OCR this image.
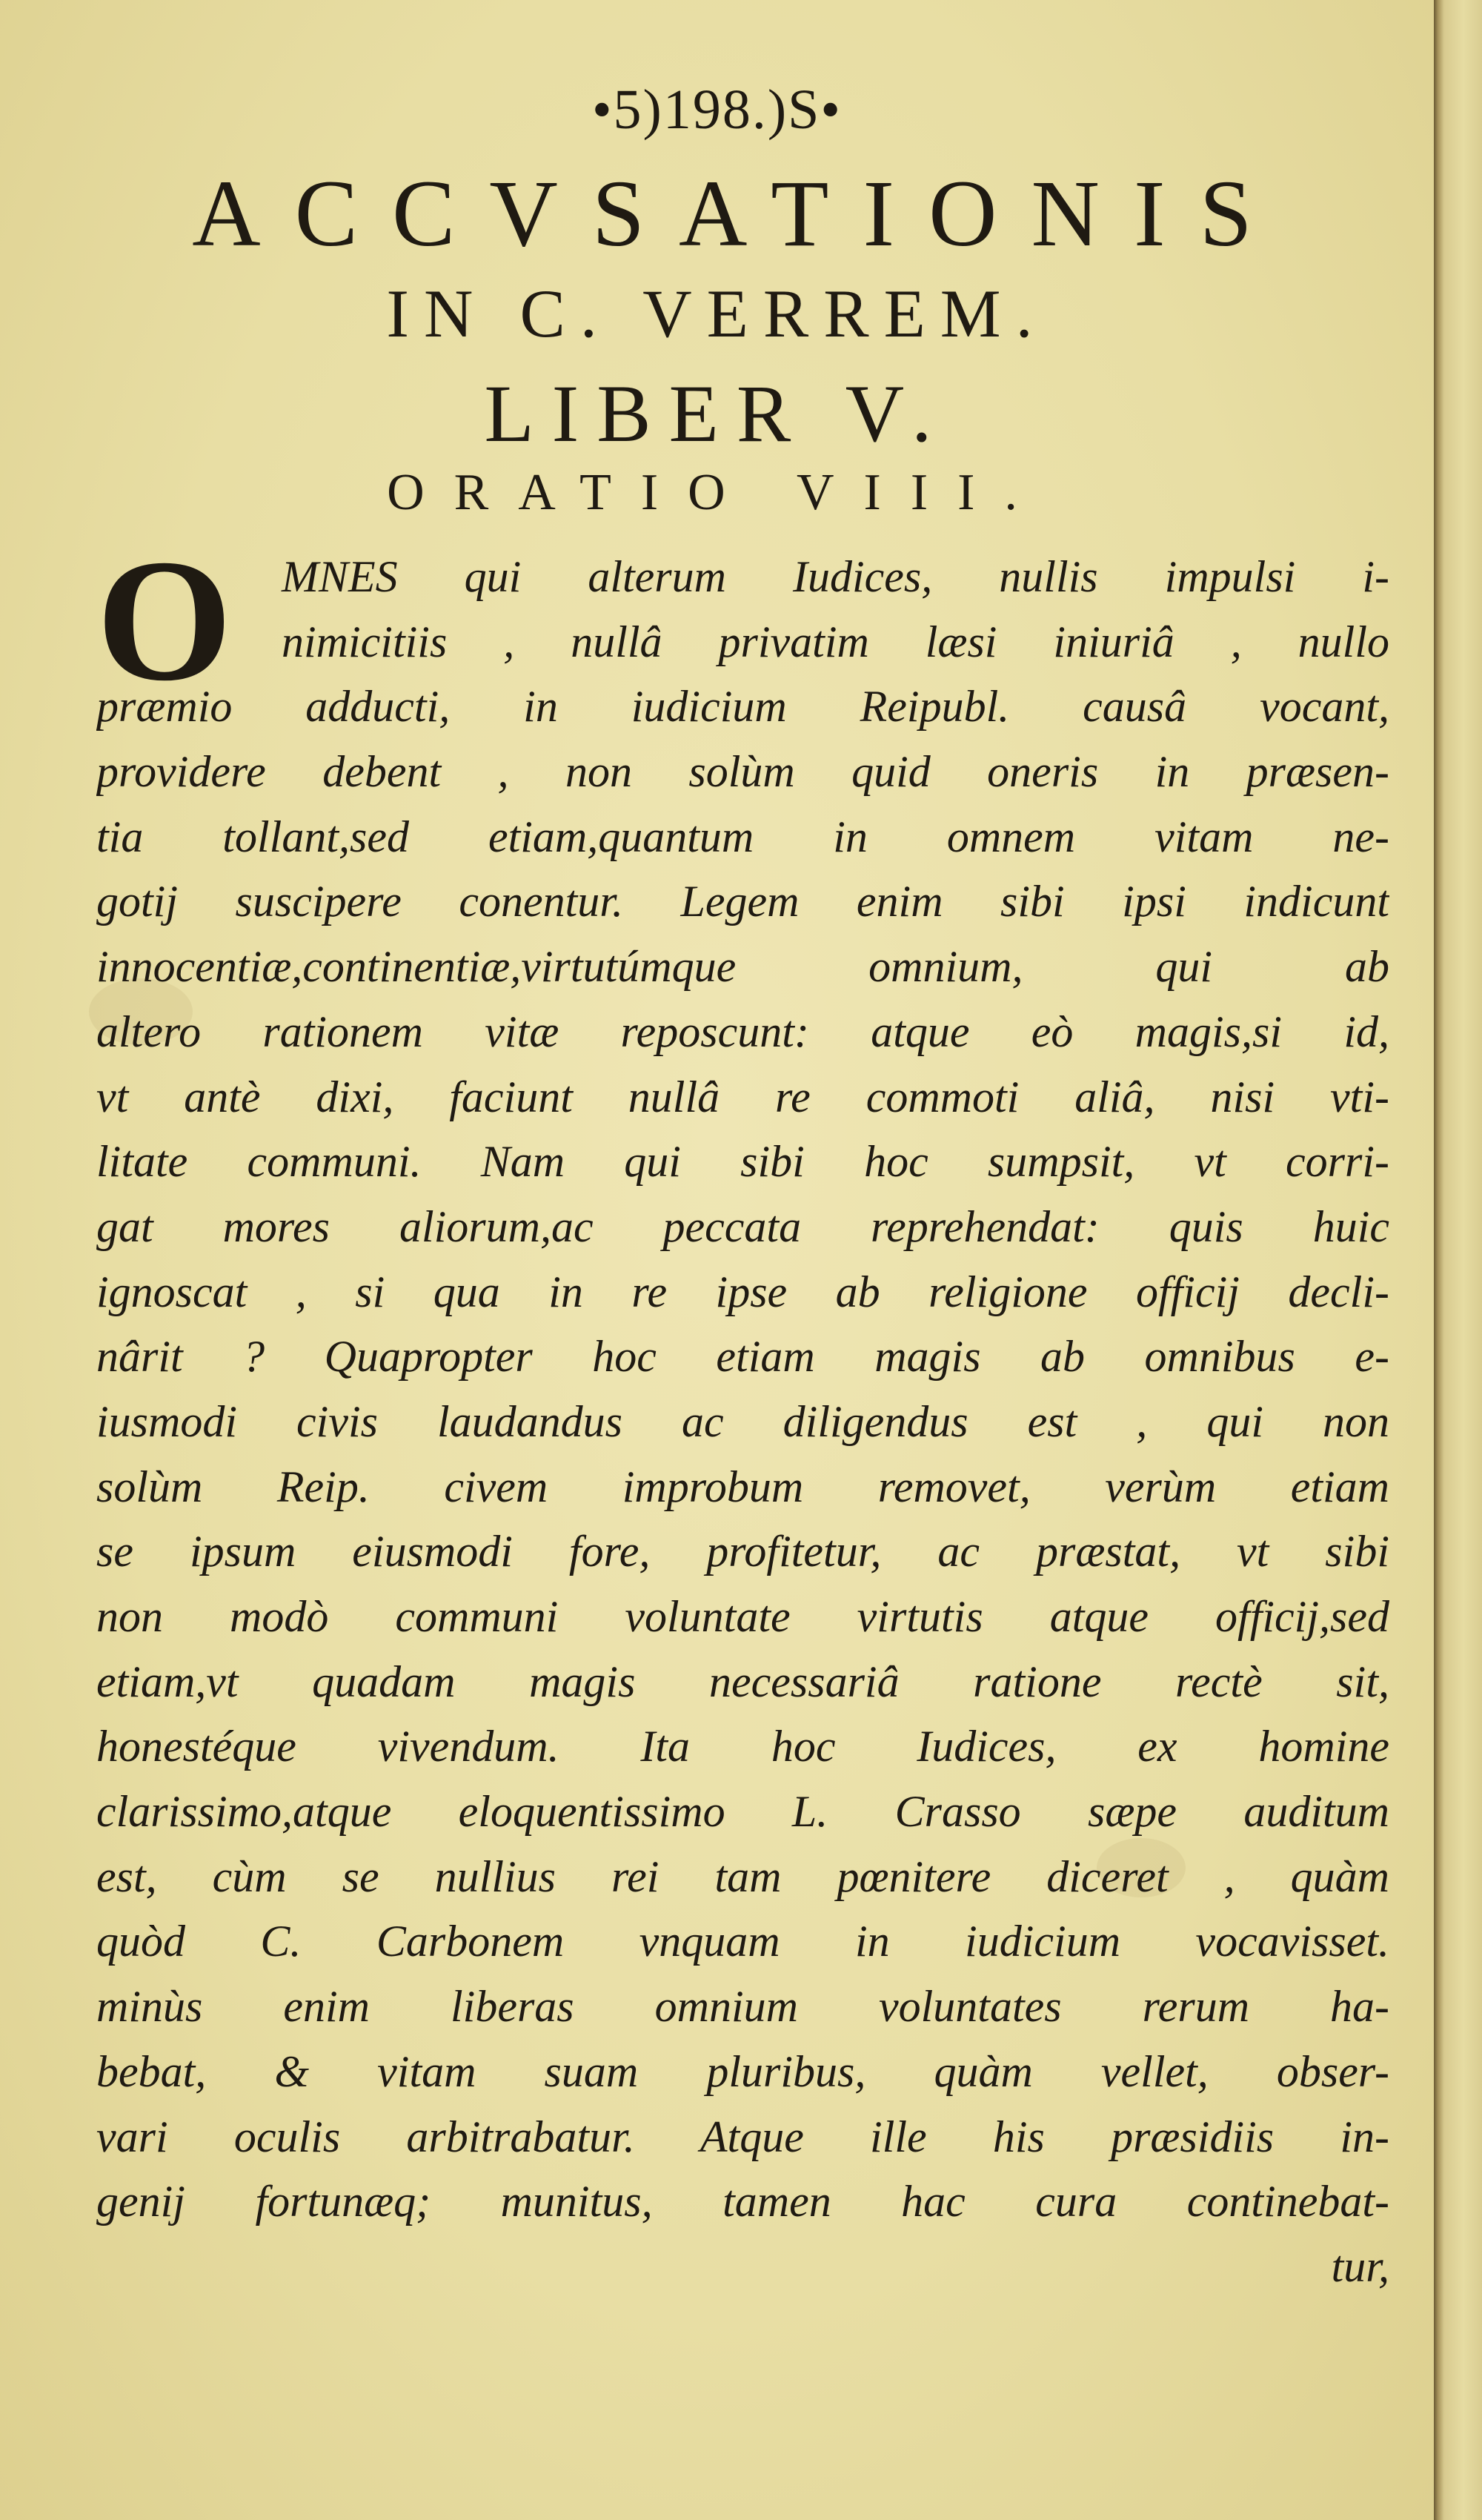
•5)198.)S•
ACCVSATIONIS
IN C. VERREM.
LIBER V.
ORATIO VIII.
O	MNES qui alterum Iudices, nullis impulsi i-
nimicitiis , nullâ privatim læsi iniuriâ , nullo
præmio adducti, in iudicium Reipubl. causâ vocant,
providere debent , non solùm quid oneris in præsen-
tia tollant,sed etiam,quantum in omnem vitam ne-
gotij suscipere conentur. Legem enim sibi ipsi indicunt
innocentiæ,continentiæ,virtutúmque omnium, qui ab
altero rationem vitæ reposcunt: atque eò magis,si id,
vt antè dixi, faciunt nullâ re commoti aliâ, nisi vti-
litate communi. Nam qui sibi hoc sumpsit, vt corri-
gat mores aliorum,ac peccata reprehendat: quis huic
ignoscat , si qua in re ipse ab religione officij decli-
nârit ? Quapropter hoc etiam magis ab omnibus e-
iusmodi civis laudandus ac diligendus est , qui non
solùm Reip. civem improbum removet, verùm etiam
se ipsum eiusmodi fore, profitetur, ac præstat, vt sibi
non modò communi voluntate virtutis atque officij,sed
etiam,vt quadam magis necessariâ ratione rectè sit,
honestéque vivendum. Ita hoc Iudices, ex homine
clarissimo,atque eloquentissimo L. Crasso sæpe auditum
est, cùm se nullius rei tam pœnitere diceret , quàm
quòd C. Carbonem vnquam in iudicium vocavisset.
minùs enim liberas omnium voluntates rerum ha-
bebat, & vitam suam pluribus, quàm vellet, obser-
vari oculis arbitrabatur. Atque ille his præsidiis in-
genij fortunæq; munitus, tamen hac cura continebat-
tur,
